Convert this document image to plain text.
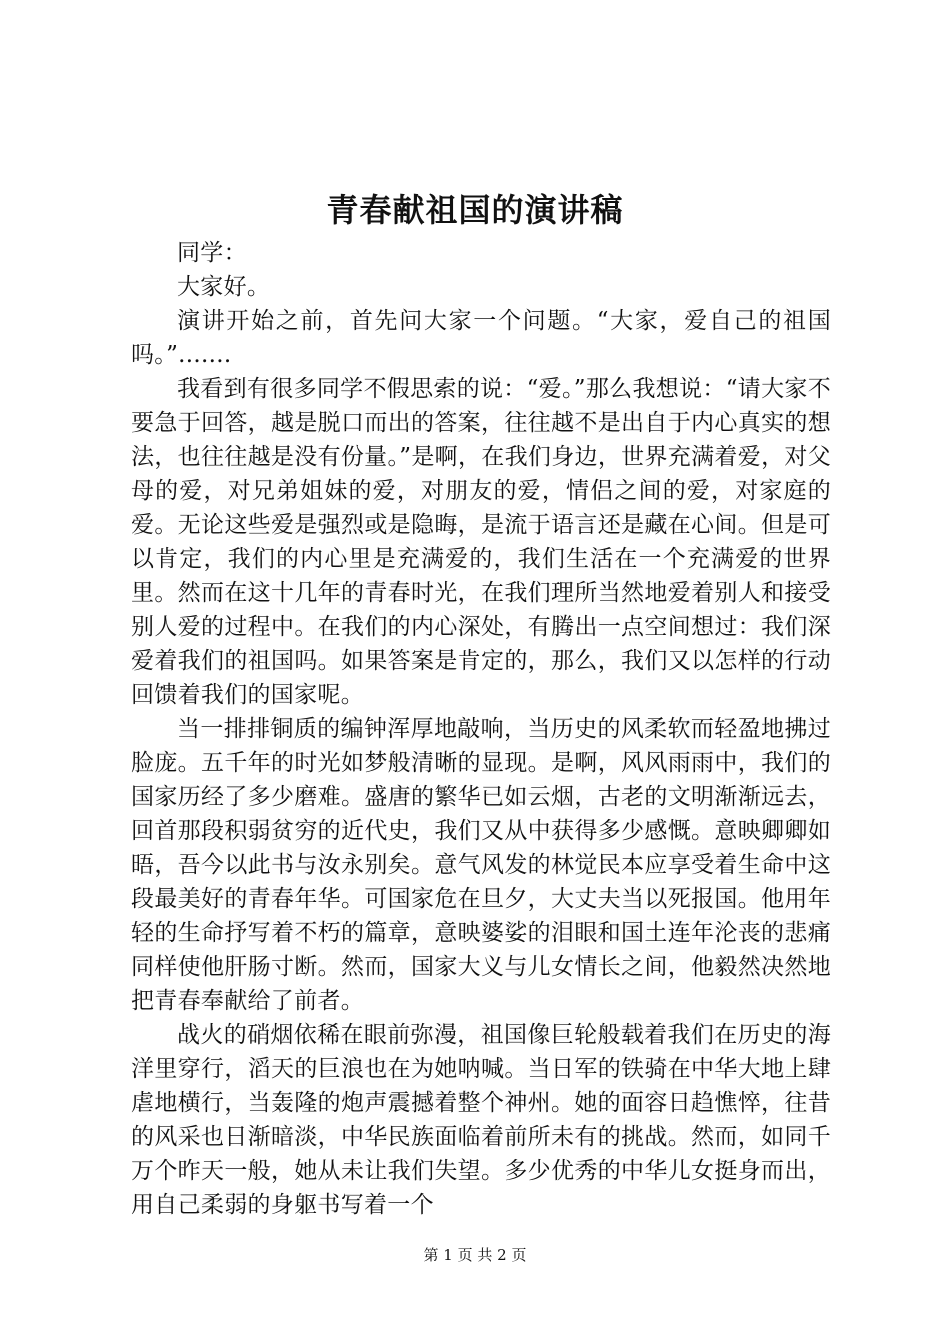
青春献祖国的演讲稿

同学：

大家好。

演讲开始之前，首先问大家一个问题。“大家，爱自己的祖国吗。”.......

我看到有很多同学不假思索的说：“爱。”那么我想说：“请大家不要急于回答，越是脱口而出的答案，往往越不是出自于内心真实的想法，也往往越是没有份量。”是啊，在我们身边，世界充满着爱，对父母的爱，对兄弟姐妹的爱，对朋友的爱，情侣之间的爱，对家庭的爱。无论这些爱是强烈或是隐晦，是流于语言还是藏在心间。但是可以肯定，我们的内心里是充满爱的，我们生活在一个充满爱的世界里。然而在这十几年的青春时光，在我们理所当然地爱着别人和接受别人爱的过程中。在我们的内心深处，有腾出一点空间想过：我们深爱着我们的祖国吗。如果答案是肯定的，那么，我们又以怎样的行动回馈着我们的国家呢。

当一排排铜质的编钟浑厚地敲响，当历史的风柔软而轻盈地拂过脸庞。五千年的时光如梦般清晰的显现。是啊，风风雨雨中，我们的国家历经了多少磨难。盛唐的繁华已如云烟，古老的文明渐渐远去，回首那段积弱贫穷的近代史，我们又从中获得多少感慨。意映卿卿如晤，吾今以此书与汝永别矣。意气风发的林觉民本应享受着生命中这段最美好的青春年华。可国家危在旦夕，大丈夫当以死报国。他用年轻的生命抒写着不朽的篇章，意映婆娑的泪眼和国土连年沦丧的悲痛同样使他肝肠寸断。然而，国家大义与儿女情长之间，他毅然决然地把青春奉献给了前者。

战火的硝烟依稀在眼前弥漫，祖国像巨轮般载着我们在历史的海洋里穿行，滔天的巨浪也在为她呐喊。当日军的铁骑在中华大地上肆虐地横行，当轰隆的炮声震撼着整个神州。她的面容日趋憔悴，往昔的风采也日渐暗淡，中华民族面临着前所未有的挑战。然而，如同千万个昨天一般，她从未让我们失望。多少优秀的中华儿女挺身而出，用自己柔弱的身躯书写着一个

第 1 页 共 2 页
